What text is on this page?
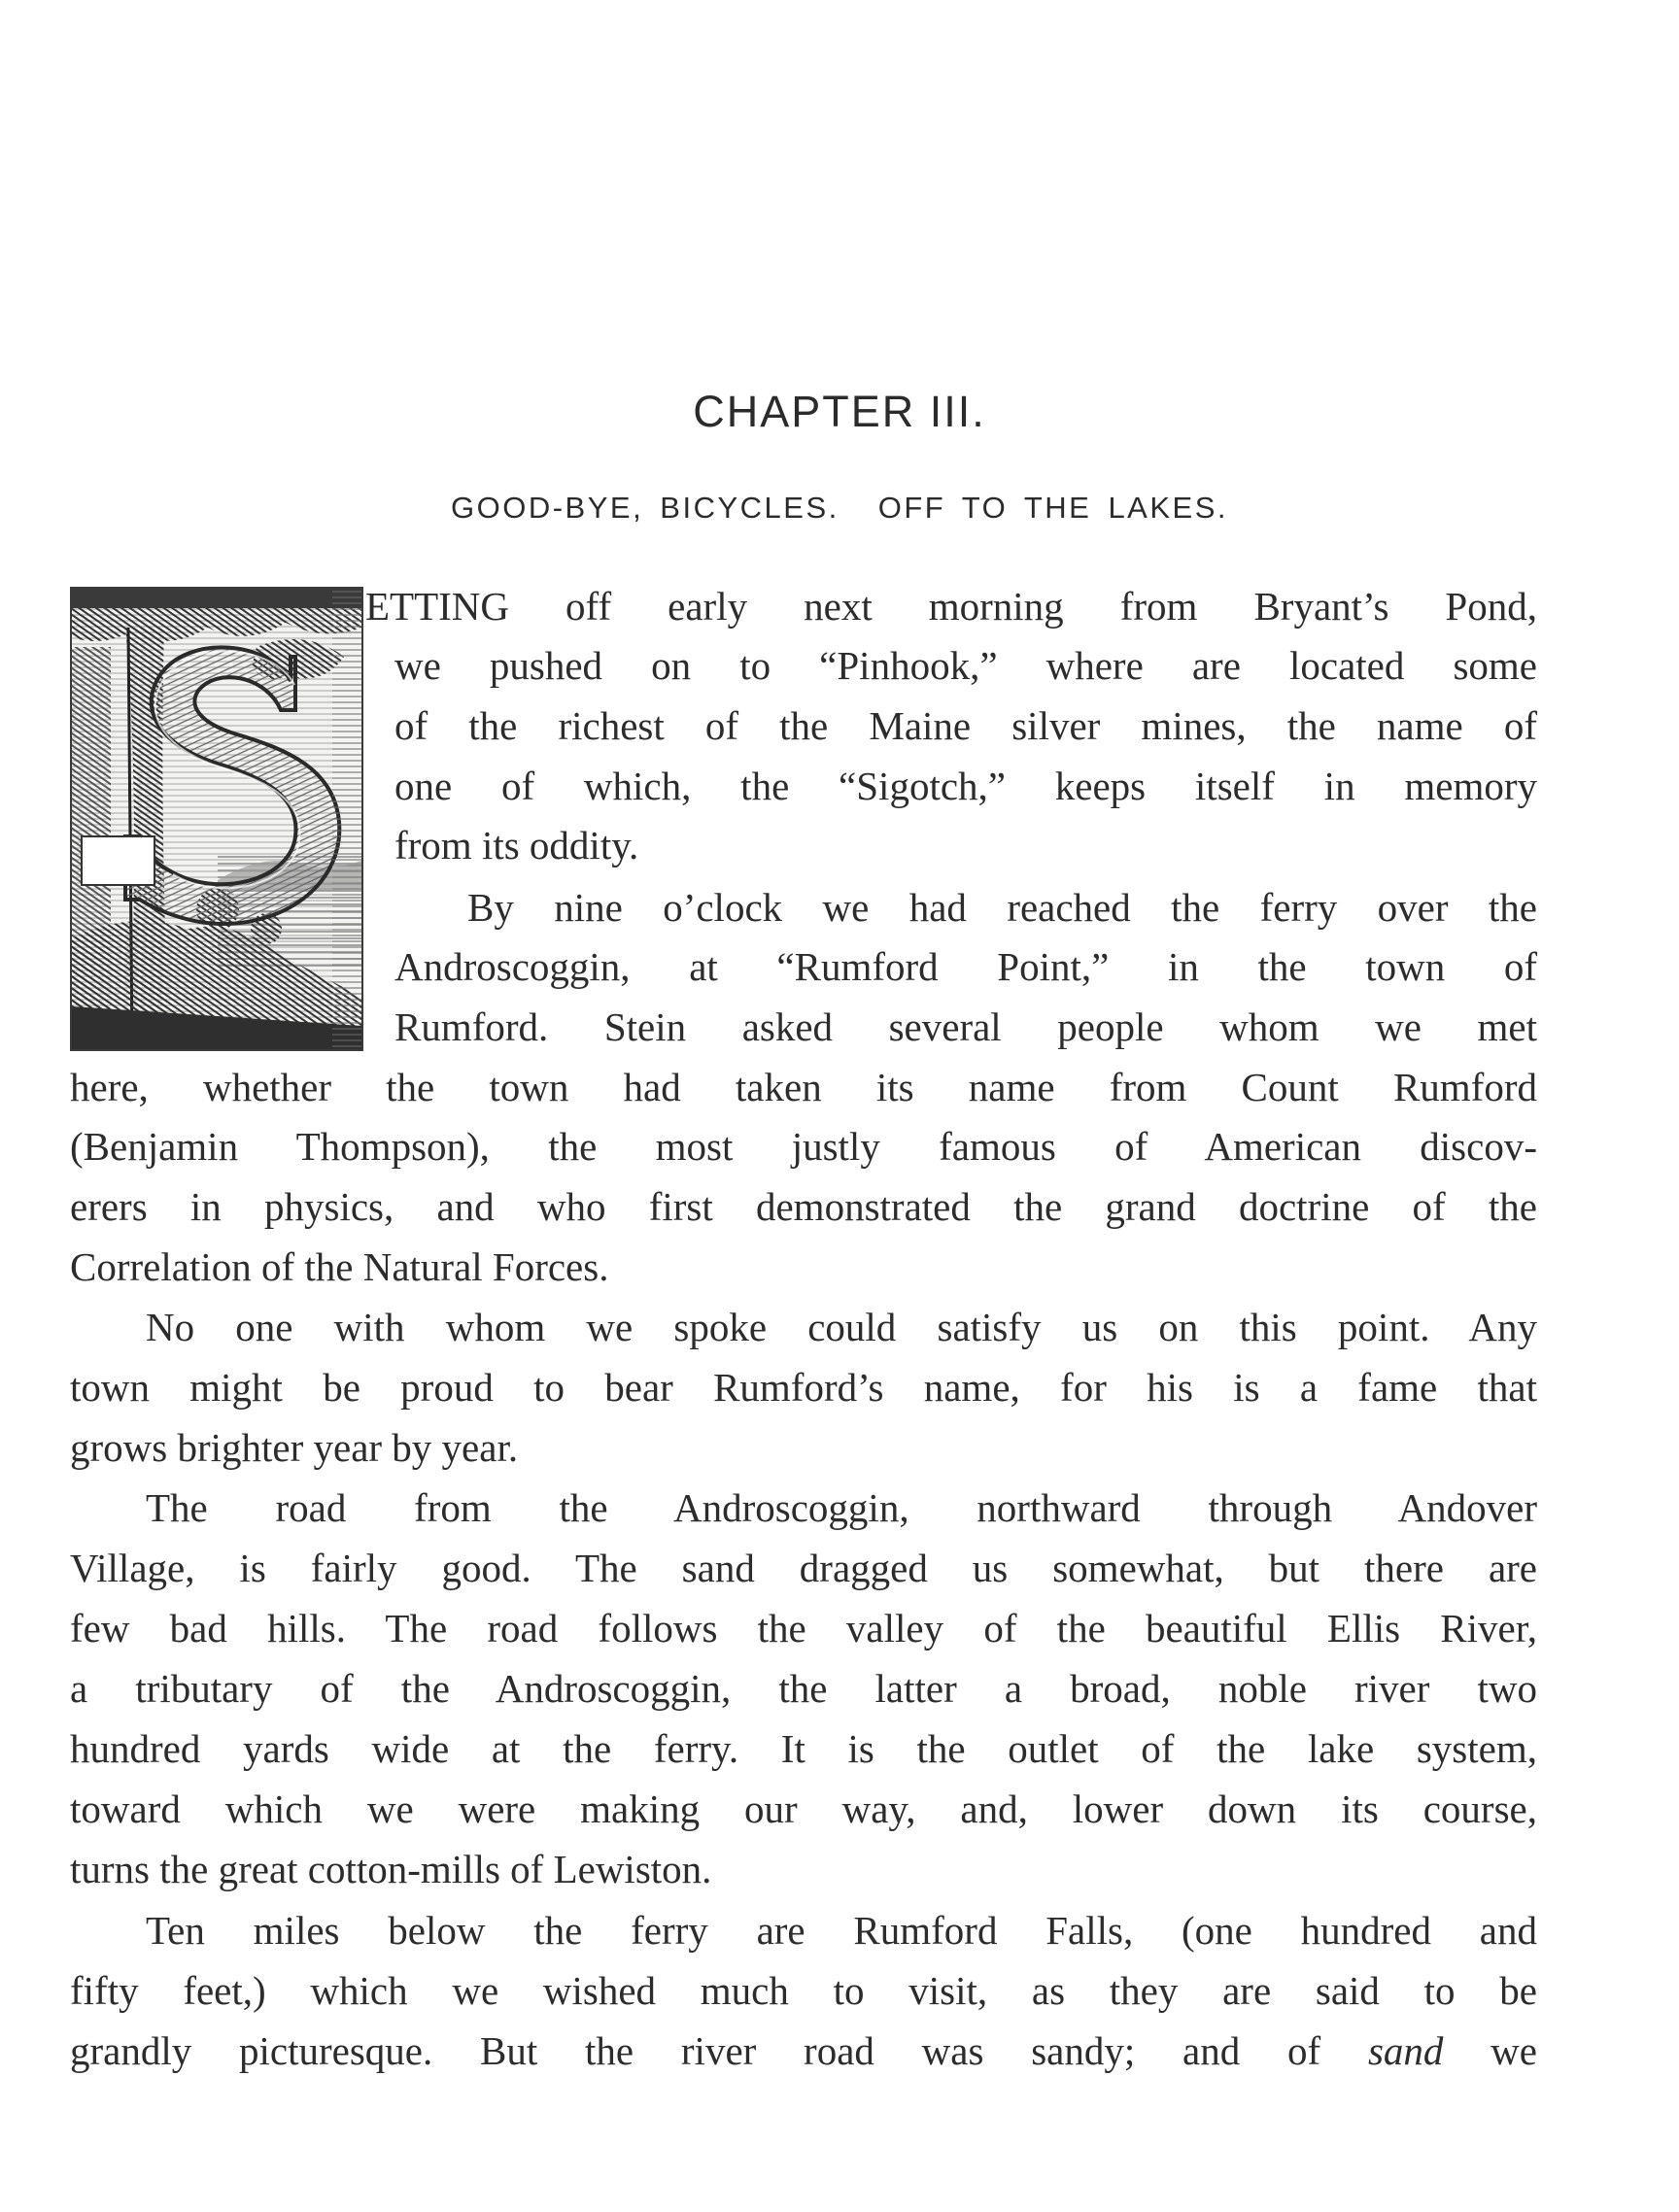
CHAPTER III.
GOOD-BYE, BICYCLES. OFF TO THE LAKES.

ETTING off early next morning from Bryant’s Pond,

we pushed on to “Pinhook,” where are located some

of the richest of the Maine silver mines, the name of

one of which, the “Sigotch,” keeps itself in memory

from its oddity.

By nine o’clock we had reached the ferry over the

Androscoggin, at “Rumford Point,” in the town of

Rumford. Stein asked several people whom we met

here, whether the town had taken its name from Count Rumford

(Benjamin Thompson), the most justly famous of American discov-

erers in physics, and who first demonstrated the grand doctrine of the

Correlation of the Natural Forces.

No one with whom we spoke could satisfy us on this point. Any

town might be proud to bear Rumford’s name, for his is a fame that

grows brighter year by year.

The road from the Androscoggin, northward through Andover

Village, is fairly good. The sand dragged us somewhat, but there are

few bad hills. The road follows the valley of the beautiful Ellis River,

a tributary of the Androscoggin, the latter a broad, noble river two

hundred yards wide at the ferry. It is the outlet of the lake system,

toward which we were making our way, and, lower down its course,

turns the great cotton-mills of Lewiston.

Ten miles below the ferry are Rumford Falls, (one hundred and

fifty feet,) which we wished much to visit, as they are said to be

grandly picturesque. But the river road was sandy; and of sand we
